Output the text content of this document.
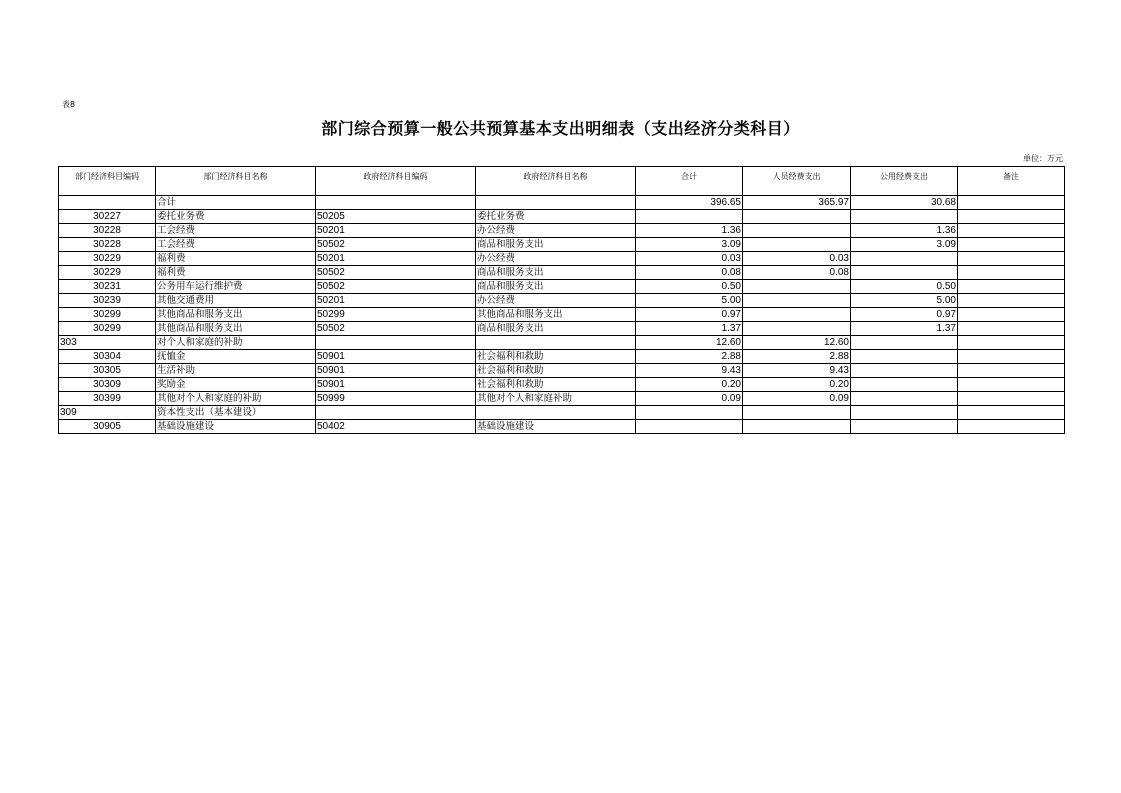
表8
部门综合预算一般公共预算基本支出明细表（支出经济分类科目）
单位：万元
部门经济科目编码	部门经济科目名称	政府经济科目编码	政府经济科目名称	合计	人员经费支出	公用经费支出	备注
	合计			396.65	365.97	30.68	
30227	委托业务费	50205	委托业务费				
30228	工会经费	50201	办公经费	1.36		1.36	
30228	工会经费	50502	商品和服务支出	3.09		3.09	
30229	福利费	50201	办公经费	0.03	0.03		
30229	福利费	50502	商品和服务支出	0.08	0.08		
30231	公务用车运行维护费	50502	商品和服务支出	0.50		0.50	
30239	其他交通费用	50201	办公经费	5.00		5.00	
30299	其他商品和服务支出	50299	其他商品和服务支出	0.97		0.97	
30299	其他商品和服务支出	50502	商品和服务支出	1.37		1.37	
303	对个人和家庭的补助			12.60	12.60		
30304	抚恤金	50901	社会福利和救助	2.88	2.88		
30305	生活补助	50901	社会福利和救助	9.43	9.43		
30309	奖励金	50901	社会福利和救助	0.20	0.20		
30399	其他对个人和家庭的补助	50999	其他对个人和家庭补助	0.09	0.09		
309	资本性支出（基本建设）						
30905	基础设施建设	50402	基础设施建设				
